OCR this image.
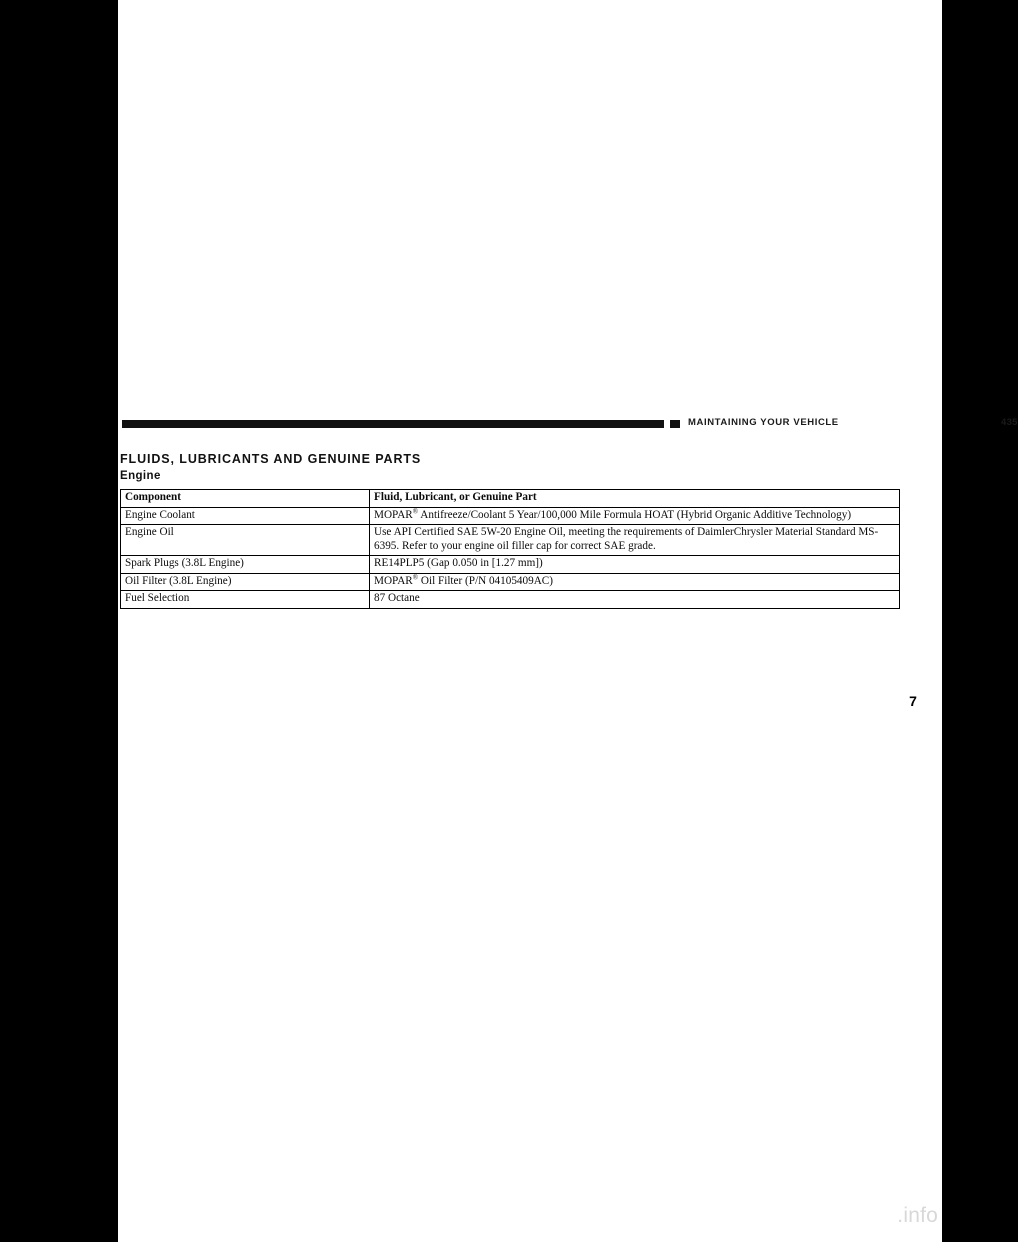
MAINTAINING YOUR VEHICLE	435
FLUIDS, LUBRICANTS AND GENUINE PARTS
Engine
Component	Fluid, Lubricant, or Genuine Part
Engine Coolant	MOPAR® Antifreeze/Coolant 5 Year/100,000 Mile Formula HOAT (Hybrid Organic Additive Technology)
Engine Oil	Use API Certified SAE 5W-20 Engine Oil, meeting the requirements of DaimlerChrysler Material Standard MS-6395. Refer to your engine oil filler cap for correct SAE grade.
Spark Plugs (3.8L Engine)	RE14PLP5 (Gap 0.050 in [1.27 mm])
Oil Filter (3.8L Engine)	MOPAR® Oil Filter (P/N 04105409AC)
Fuel Selection	87 Octane
7
carmanualsonline.info
